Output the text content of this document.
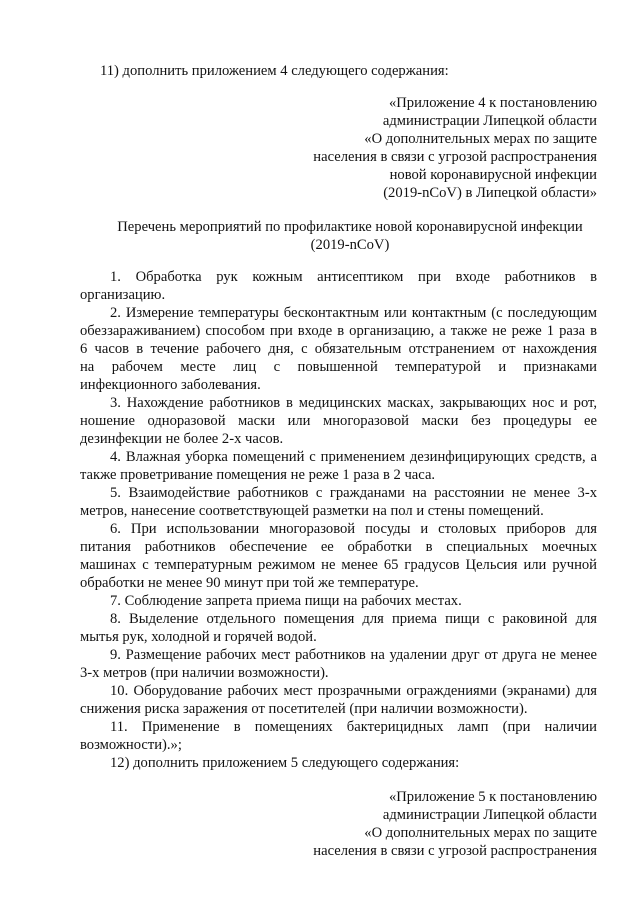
11) дополнить приложением 4 следующего содержания:
«Приложение 4 к постановлению
администрации Липецкой области
«О дополнительных мерах по защите
населения в связи с угрозой распространения
новой коронавирусной инфекции
(2019-nCoV) в Липецкой области»
Перечень мероприятий по профилактике новой коронавирусной инфекции
(2019-nCoV)
1. Обработка рук кожным антисептиком при входе работников в
организацию.
2. Измерение температуры бесконтактным или контактным (с последующим
обеззараживанием) способом при входе в организацию, а также не реже 1 раза в
6 часов в течение рабочего дня, с обязательным отстранением от нахождения
на рабочем месте лиц с повышенной температурой и признаками
инфекционного заболевания.
3. Нахождение работников в медицинских масках, закрывающих нос и рот,
ношение одноразовой маски или многоразовой маски без процедуры ее
дезинфекции не более 2-х часов.
4. Влажная уборка помещений с применением дезинфицирующих средств, а
также проветривание помещения не реже 1 раза в 2 часа.
5. Взаимодействие работников с гражданами на расстоянии не менее 3-х
метров, нанесение соответствующей разметки на пол и стены помещений.
6. При использовании многоразовой посуды и столовых приборов для
питания работников обеспечение ее обработки в специальных моечных
машинах с температурным режимом не менее 65 градусов Цельсия или ручной
обработки не менее 90 минут при той же температуре.
7. Соблюдение запрета приема пищи на рабочих местах.
8. Выделение отдельного помещения для приема пищи с раковиной для
мытья рук, холодной и горячей водой.
9. Размещение рабочих мест работников на удалении друг от друга не менее
3-х метров (при наличии возможности).
10. Оборудование рабочих мест прозрачными ограждениями (экранами) для
снижения риска заражения от посетителей (при наличии возможности).
11. Применение в помещениях бактерицидных ламп (при наличии
возможности).»;
12) дополнить приложением 5 следующего содержания:
«Приложение 5 к постановлению
администрации Липецкой области
«О дополнительных мерах по защите
населения в связи с угрозой распространения
